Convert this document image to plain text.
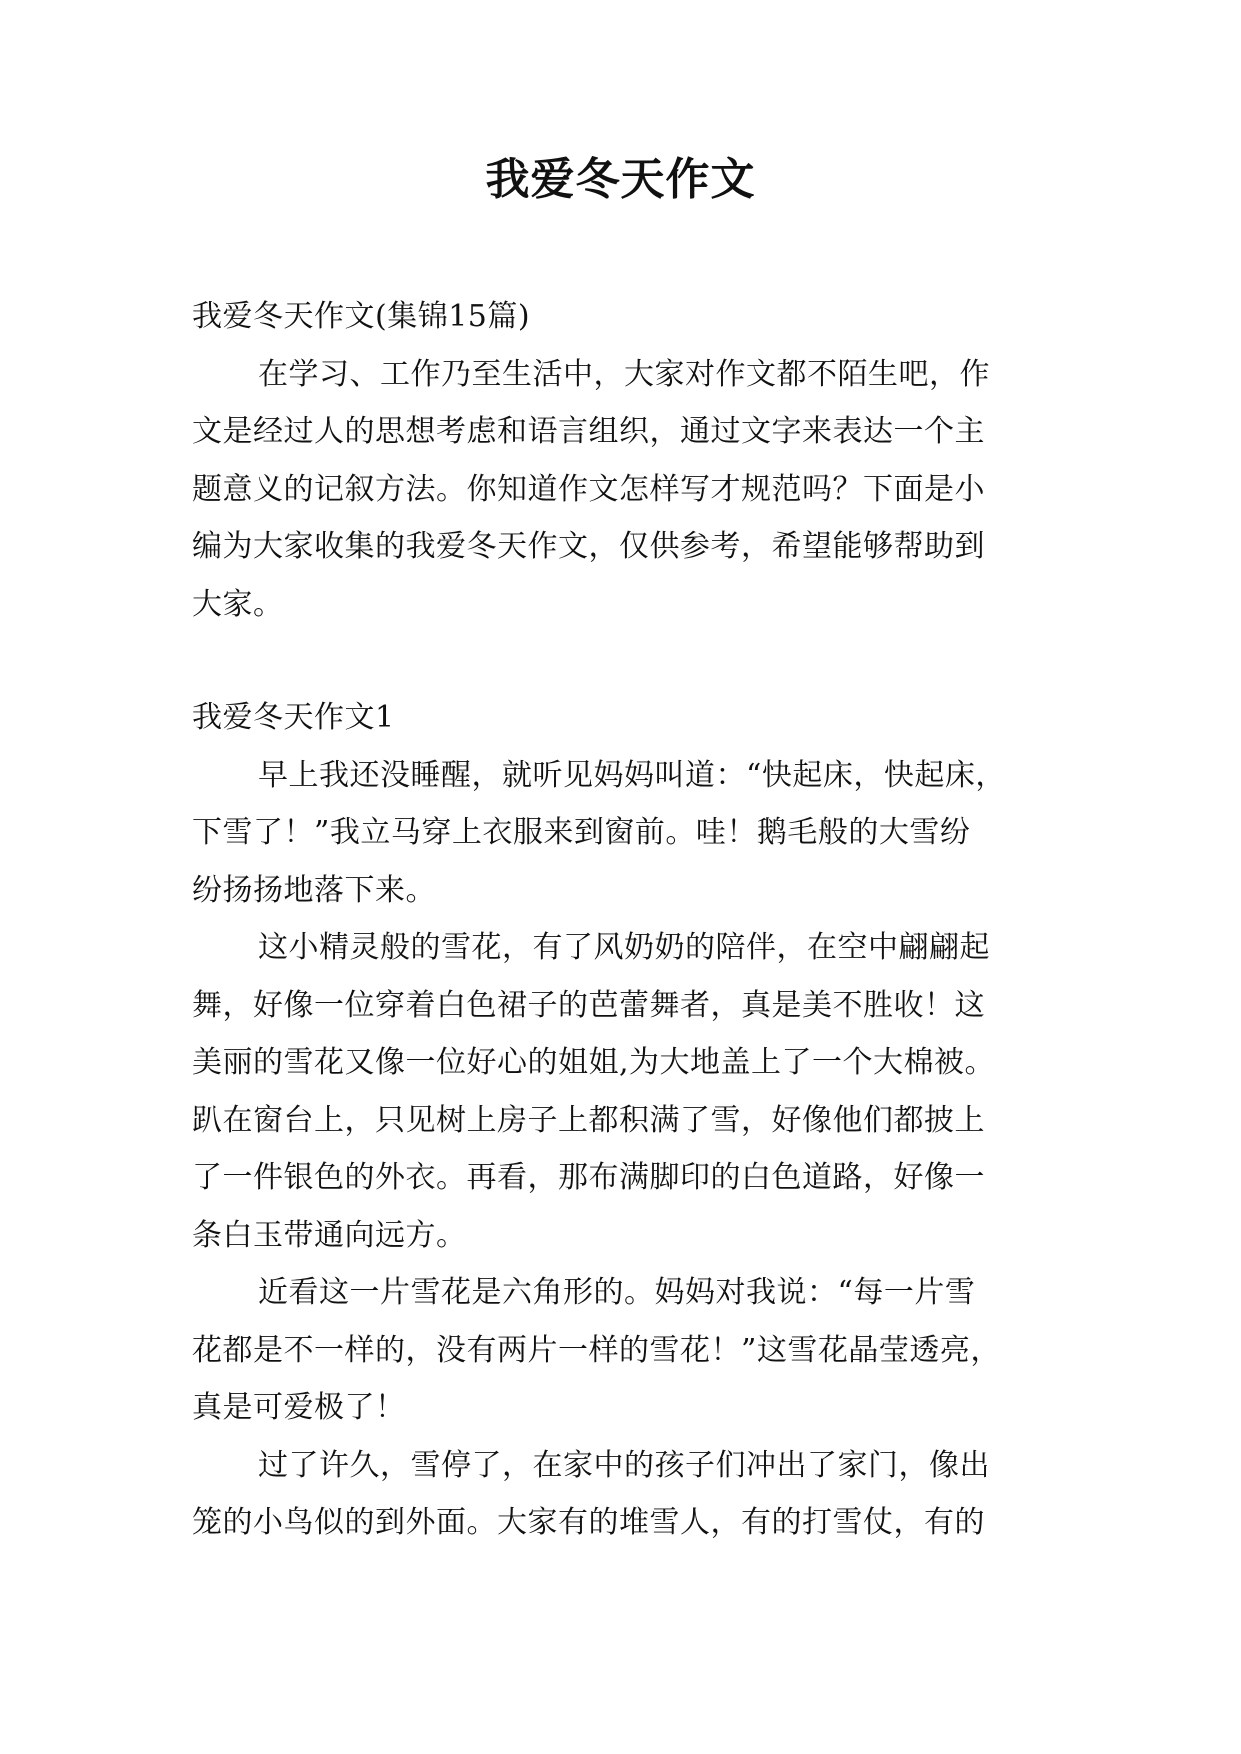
我爱冬天作文
我爱冬天作文(集锦15篇)
在学习、工作乃至生活中，大家对作文都不陌生吧，作
文是经过人的思想考虑和语言组织，通过文字来表达一个主
题意义的记叙方法。你知道作文怎样写才规范吗？下面是小
编为大家收集的我爱冬天作文，仅供参考，希望能够帮助到
大家。
我爱冬天作文1
早上我还没睡醒，就听见妈妈叫道：“快起床，快起床，
下雪了！”我立马穿上衣服来到窗前。哇！鹅毛般的大雪纷
纷扬扬地落下来。
这小精灵般的雪花，有了风奶奶的陪伴，在空中翩翩起
舞，好像一位穿着白色裙子的芭蕾舞者，真是美不胜收！这
美丽的雪花又像一位好心的姐姐,为大地盖上了一个大棉被。
趴在窗台上，只见树上房子上都积满了雪，好像他们都披上
了一件银色的外衣。再看，那布满脚印的白色道路，好像一
条白玉带通向远方。
近看这一片雪花是六角形的。妈妈对我说：“每一片雪
花都是不一样的，没有两片一样的雪花！”这雪花晶莹透亮，
真是可爱极了！
过了许久，雪停了，在家中的孩子们冲出了家门，像出
笼的小鸟似的到外面。大家有的堆雪人，有的打雪仗，有的
